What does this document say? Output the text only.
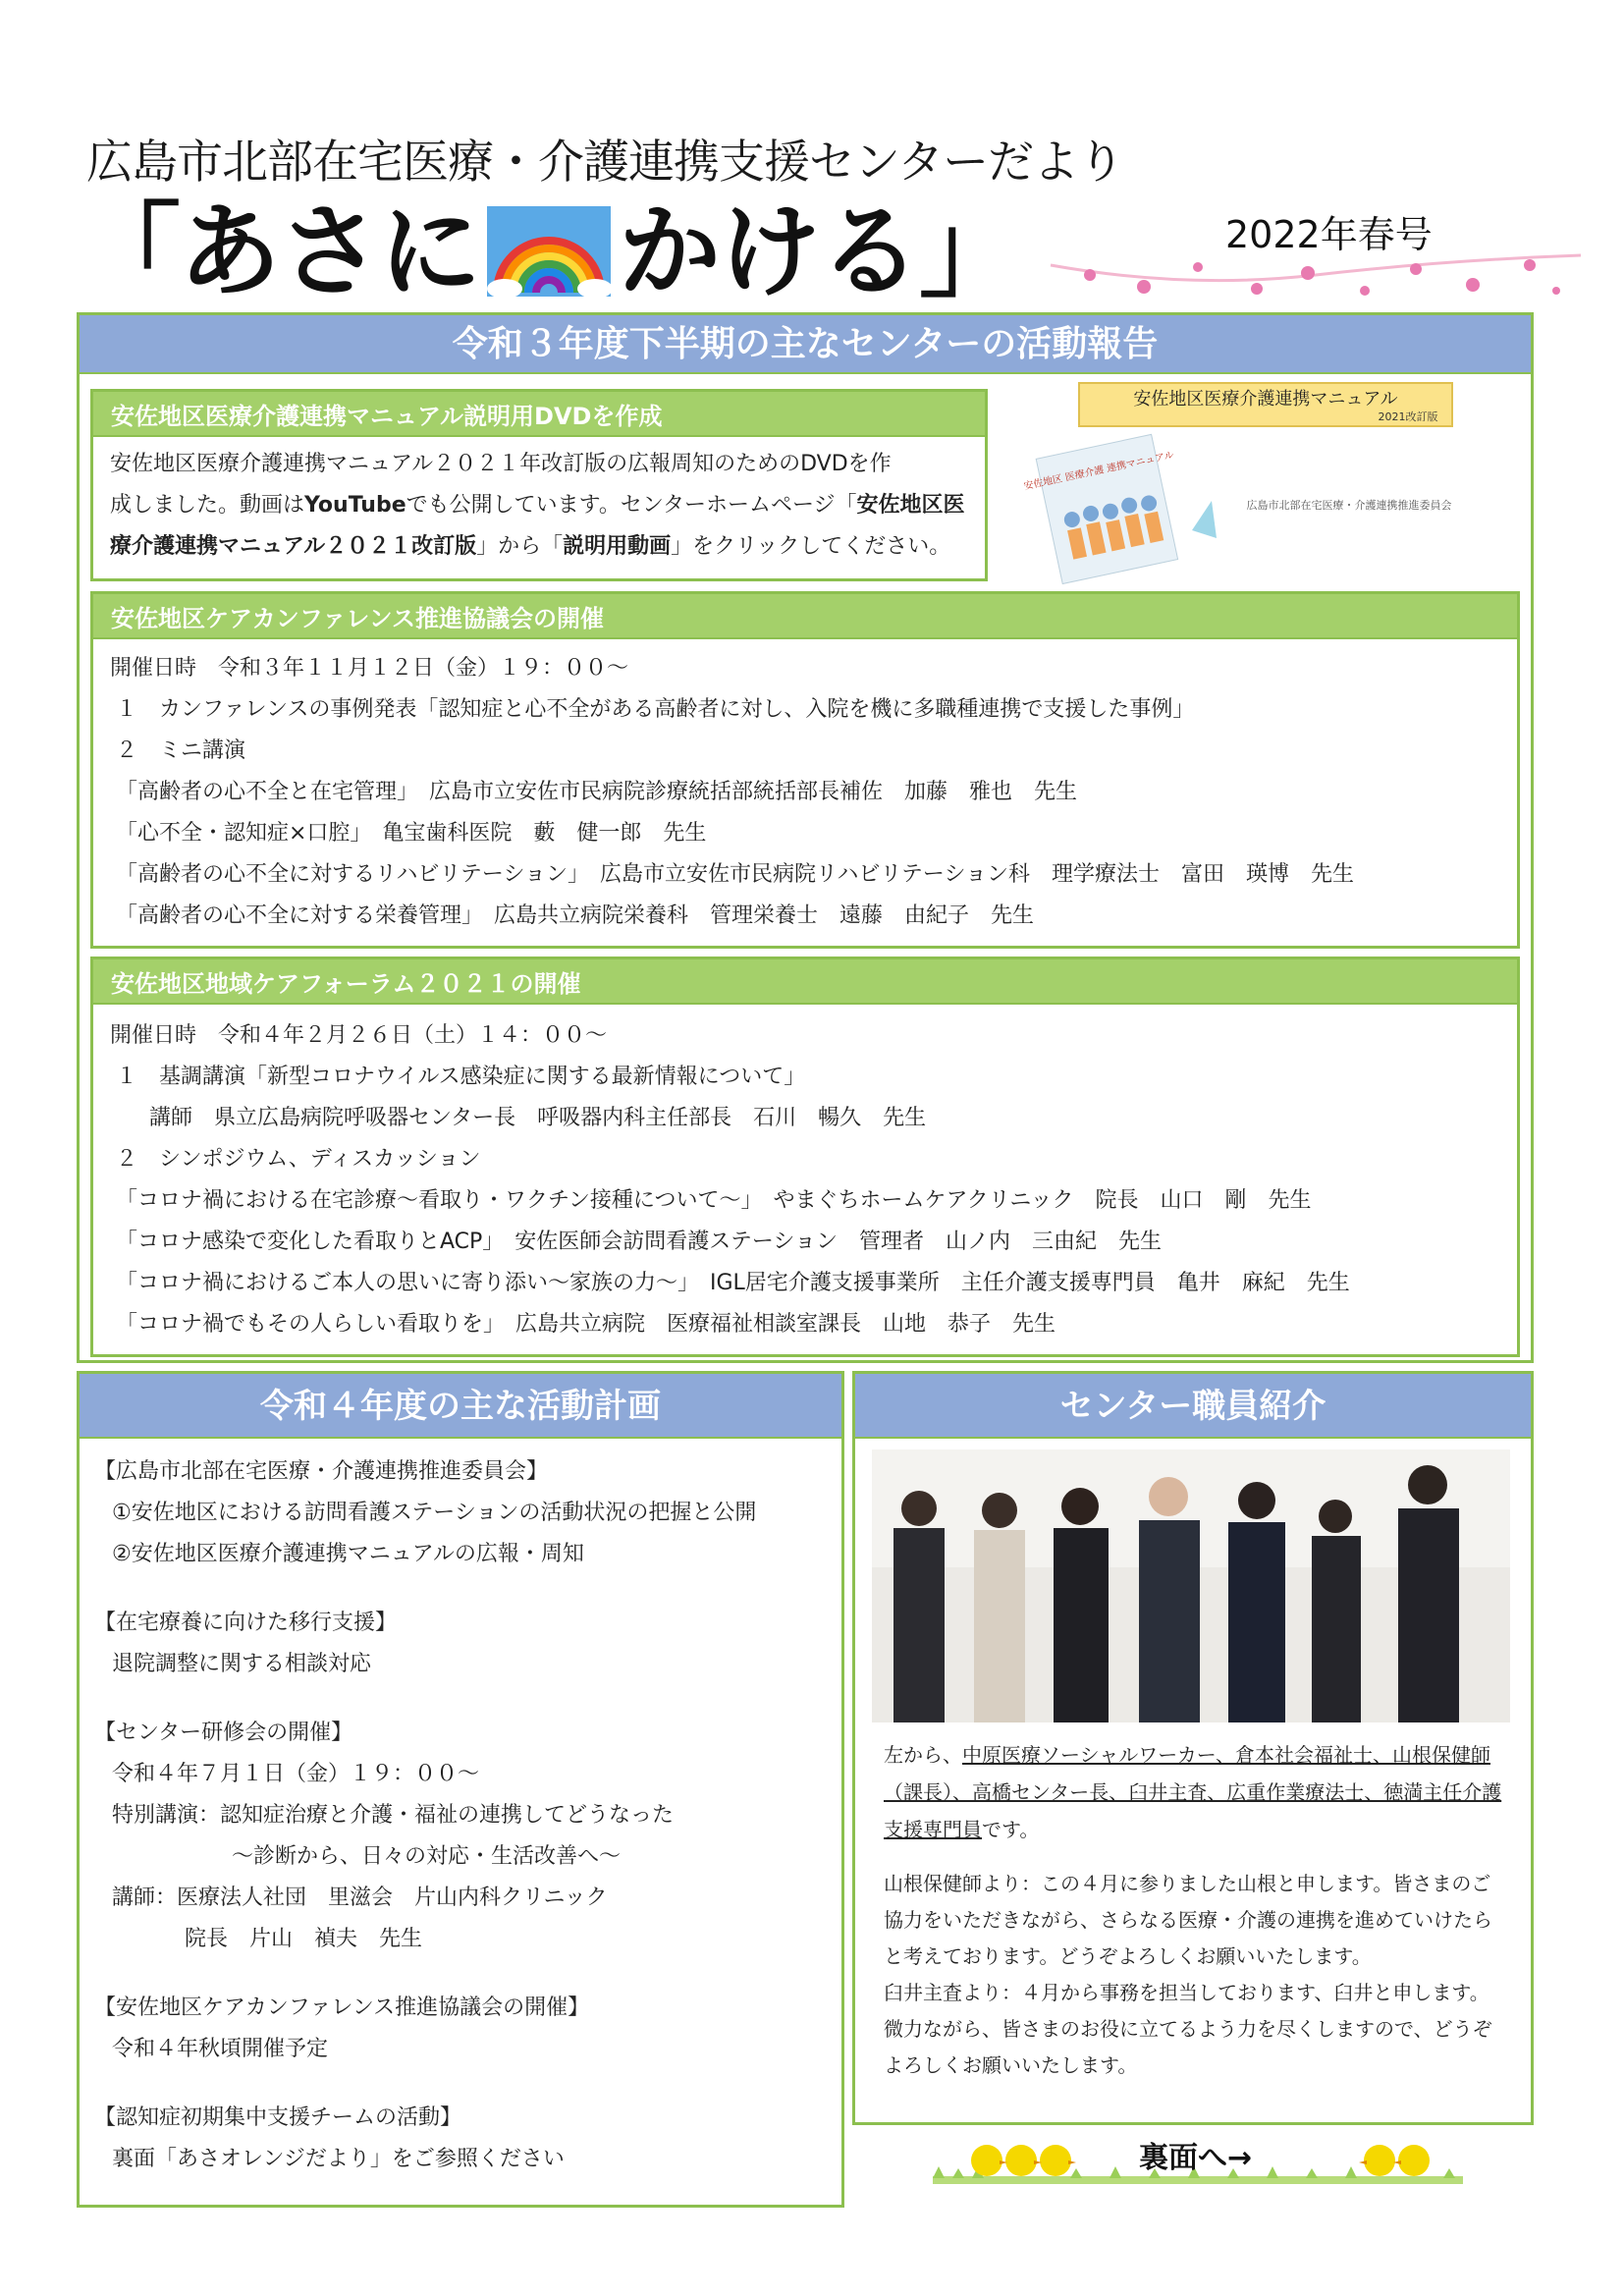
広島市北部在宅医療・介護連携支援センターだより
「あさに かける」	2022年春号
令和３年度下半期の主なセンターの活動報告
安佐地区医療介護連携マニュアル説明用DVDを作成
安佐地区医療介護連携マニュアル２０２１年改訂版の広報周知のためのDVDを作
成しました。動画はYouTubeでも公開しています。センターホームページ「安佐地区医
療介護連携マニュアル２０２１改訂版」から「説明用動画」をクリックしてください。
安佐地区医療介護連携マニュアル
2021改訂版
安佐地区 医療介護 連携マニュアル
広島市北部在宅医療・介護連携推進委員会
安佐地区ケアカンファレンス推進協議会の開催
開催日時　令和３年１１月１２日（金）１９：００～
１　カンファレンスの事例発表「認知症と心不全がある高齢者に対し、入院を機に多職種連携で支援した事例」
２　ミニ講演
「高齢者の心不全と在宅管理」　広島市立安佐市民病院診療統括部統括部長補佐　加藤　雅也　先生
「心不全・認知症×口腔」　亀宝歯科医院　藪　健一郎　先生
「高齢者の心不全に対するリハビリテーション」　広島市立安佐市民病院リハビリテーション科　理学療法士　富田　瑛博　先生
「高齢者の心不全に対する栄養管理」　広島共立病院栄養科　管理栄養士　遠藤　由紀子　先生
安佐地区地域ケアフォーラム２０２１の開催
開催日時　令和４年２月２６日（土）１４：００～
１　基調講演「新型コロナウイルス感染症に関する最新情報について」
講師　県立広島病院呼吸器センター長　呼吸器内科主任部長　石川　暢久　先生
２　シンポジウム、ディスカッション
「コロナ禍における在宅診療～看取り・ワクチン接種について～」　やまぐちホームケアクリニック　院長　山口　剛　先生
「コロナ感染で変化した看取りとACP」　安佐医師会訪問看護ステーション　管理者　山ノ内　三由紀　先生
「コロナ禍におけるご本人の思いに寄り添い～家族の力～」　IGL居宅介護支援事業所　主任介護支援専門員　亀井　麻紀　先生
「コロナ禍でもその人らしい看取りを」　広島共立病院　医療福祉相談室課長　山地　恭子　先生
令和４年度の主な活動計画
【広島市北部在宅医療・介護連携推進委員会】
①安佐地区における訪問看護ステーションの活動状況の把握と公開
②安佐地区医療介護連携マニュアルの広報・周知
【在宅療養に向けた移行支援】
退院調整に関する相談対応
【センター研修会の開催】
令和４年７月１日（金）１９：００～
特別講演：認知症治療と介護・福祉の連携してどうなった
～診断から、日々の対応・生活改善へ～
講師：医療法人社団　里滋会　片山内科クリニック
院長　片山　禎夫　先生
【安佐地区ケアカンファレンス推進協議会の開催】
令和４年秋頃開催予定
【認知症初期集中支援チームの活動】
裏面「あさオレンジだより」をご参照ください
センター職員紹介
左から、中原医療ソーシャルワーカー、倉本社会福祉士、山根保健師（課長）、高橋センター長、臼井主査、広重作業療法士、徳満主任介護支援専門員です。

山根保健師より：この４月に参りました山根と申します。皆さまのご協力をいただきながら、さらなる医療・介護の連携を進めていけたらと考えております。どうぞよろしくお願いいたします。

臼井主査より：４月から事務を担当しております、臼井と申します。微力ながら、皆さまのお役に立てるよう力を尽くしますので、どうぞよろしくお願いいたします。

裏面へ→
